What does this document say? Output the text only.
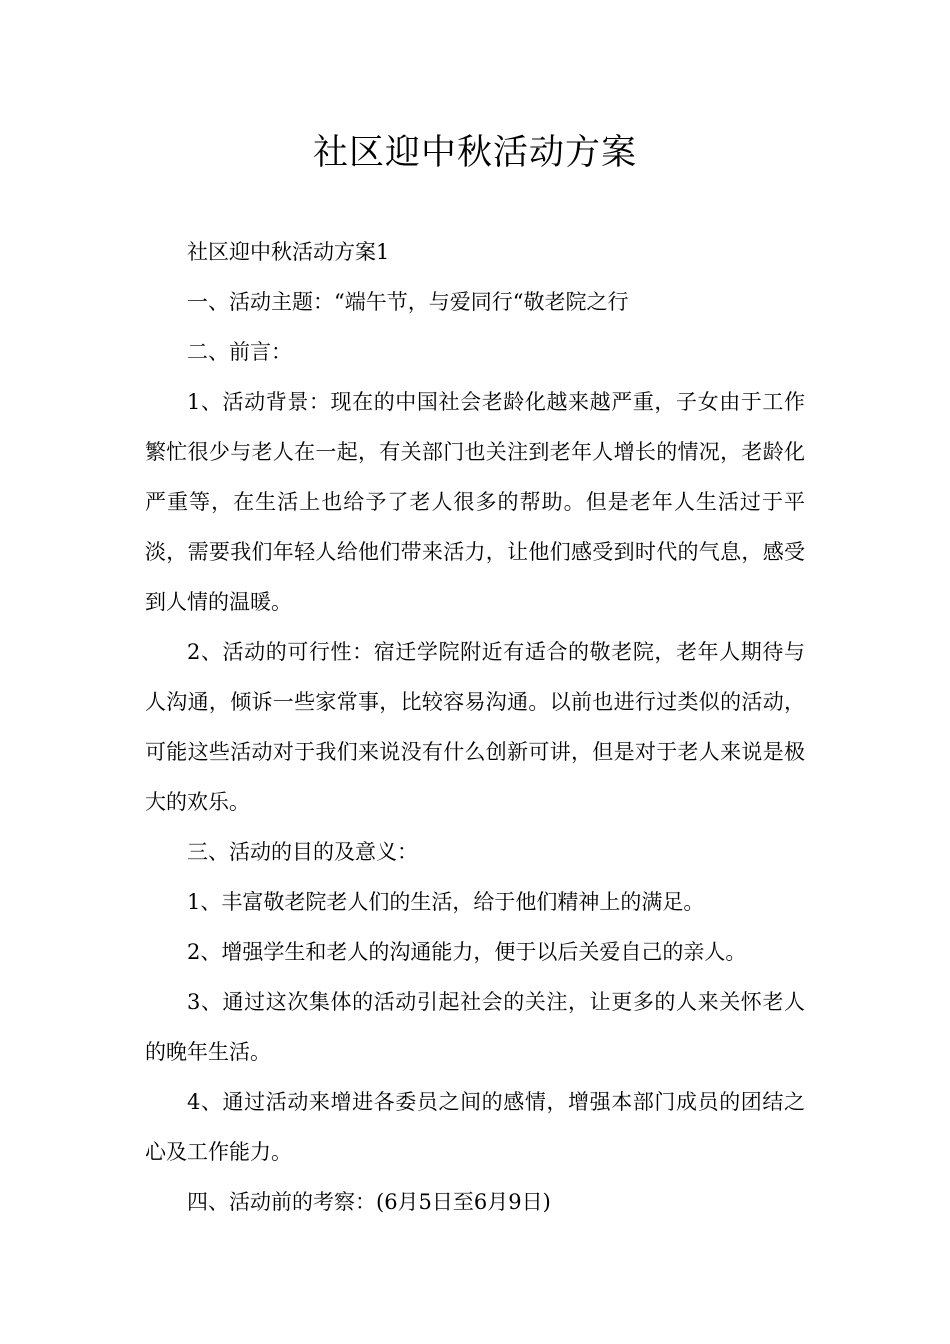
社区迎中秋活动方案

社区迎中秋活动方案1

一、活动主题：“端午节，与爱同行“敬老院之行

二、前言：

1、活动背景：现在的中国社会老龄化越来越严重，子女由于工作繁忙很少与老人在一起，有关部门也关注到老年人增长的情况，老龄化严重等，在生活上也给予了老人很多的帮助。但是老年人生活过于平淡，需要我们年轻人给他们带来活力，让他们感受到时代的气息，感受到人情的温暖。

2、活动的可行性：宿迁学院附近有适合的敬老院，老年人期待与人沟通，倾诉一些家常事，比较容易沟通。以前也进行过类似的活动，可能这些活动对于我们来说没有什么创新可讲，但是对于老人来说是极大的欢乐。

三、活动的目的及意义：

1、丰富敬老院老人们的生活，给于他们精神上的满足。

2、增强学生和老人的沟通能力，便于以后关爱自己的亲人。

3、通过这次集体的活动引起社会的关注，让更多的人来关怀老人的晚年生活。

4、通过活动来增进各委员之间的感情，增强本部门成员的团结之心及工作能力。

四、活动前的考察：(6月5日至6月9日)
